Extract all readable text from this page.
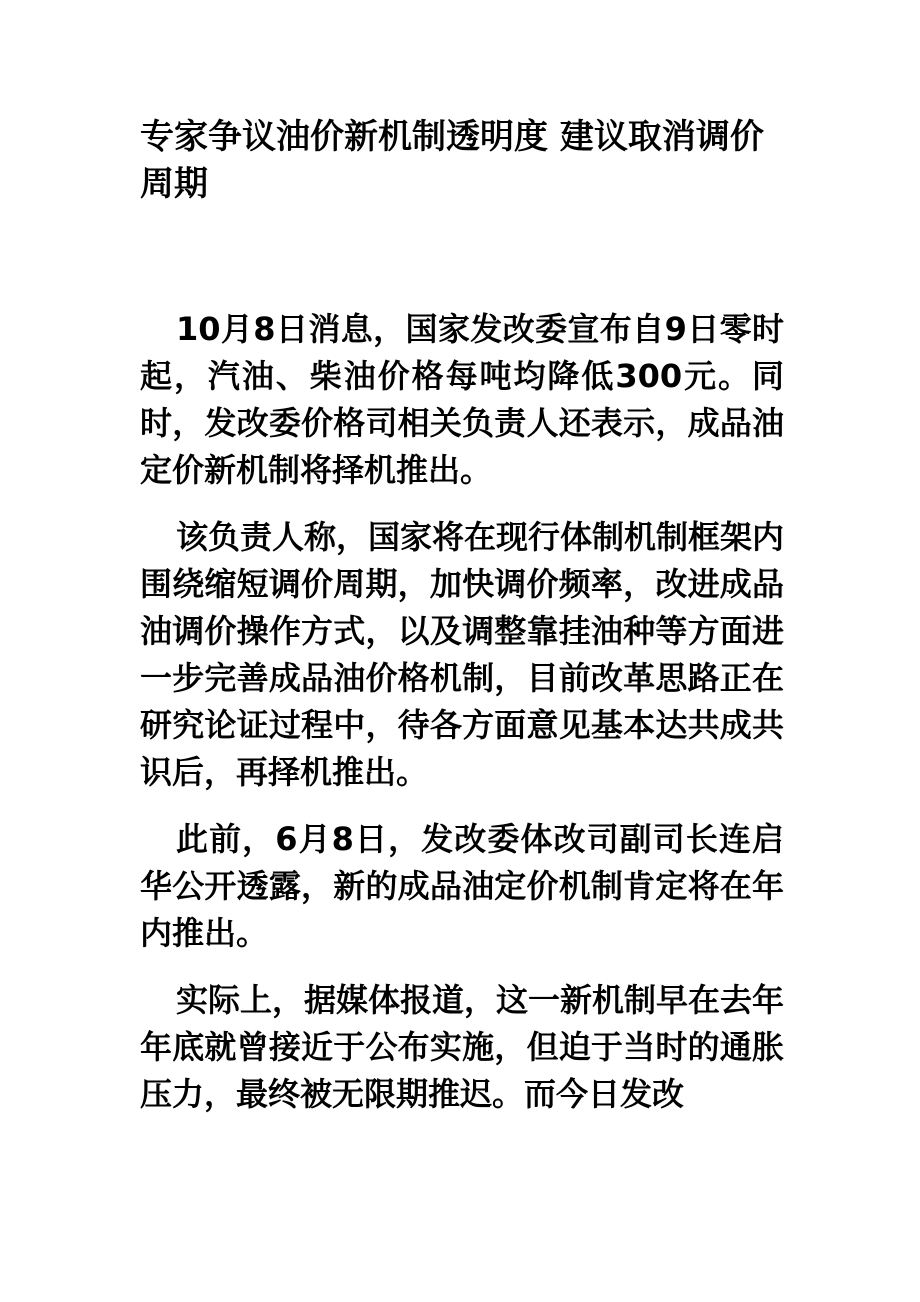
专家争议油价新机制透明度 建议取消调价周期

10月8日消息，国家发改委宣布自9日零时起，汽油、柴油价格每吨均降低300元。同时，发改委价格司相关负责人还表示，成品油定价新机制将择机推出。

该负责人称，国家将在现行体制机制框架内围绕缩短调价周期，加快调价频率，改进成品油调价操作方式，以及调整靠挂油种等方面进一步完善成品油价格机制，目前改革思路正在研究论证过程中，待各方面意见基本达共成共识后，再择机推出。

此前，6月8日，发改委体改司副司长连启华公开透露，新的成品油定价机制肯定将在年内推出。

实际上，据媒体报道，这一新机制早在去年年底就曾接近于公布实施，但迫于当时的通胀压力，最终被无限期推迟。而今日发改
